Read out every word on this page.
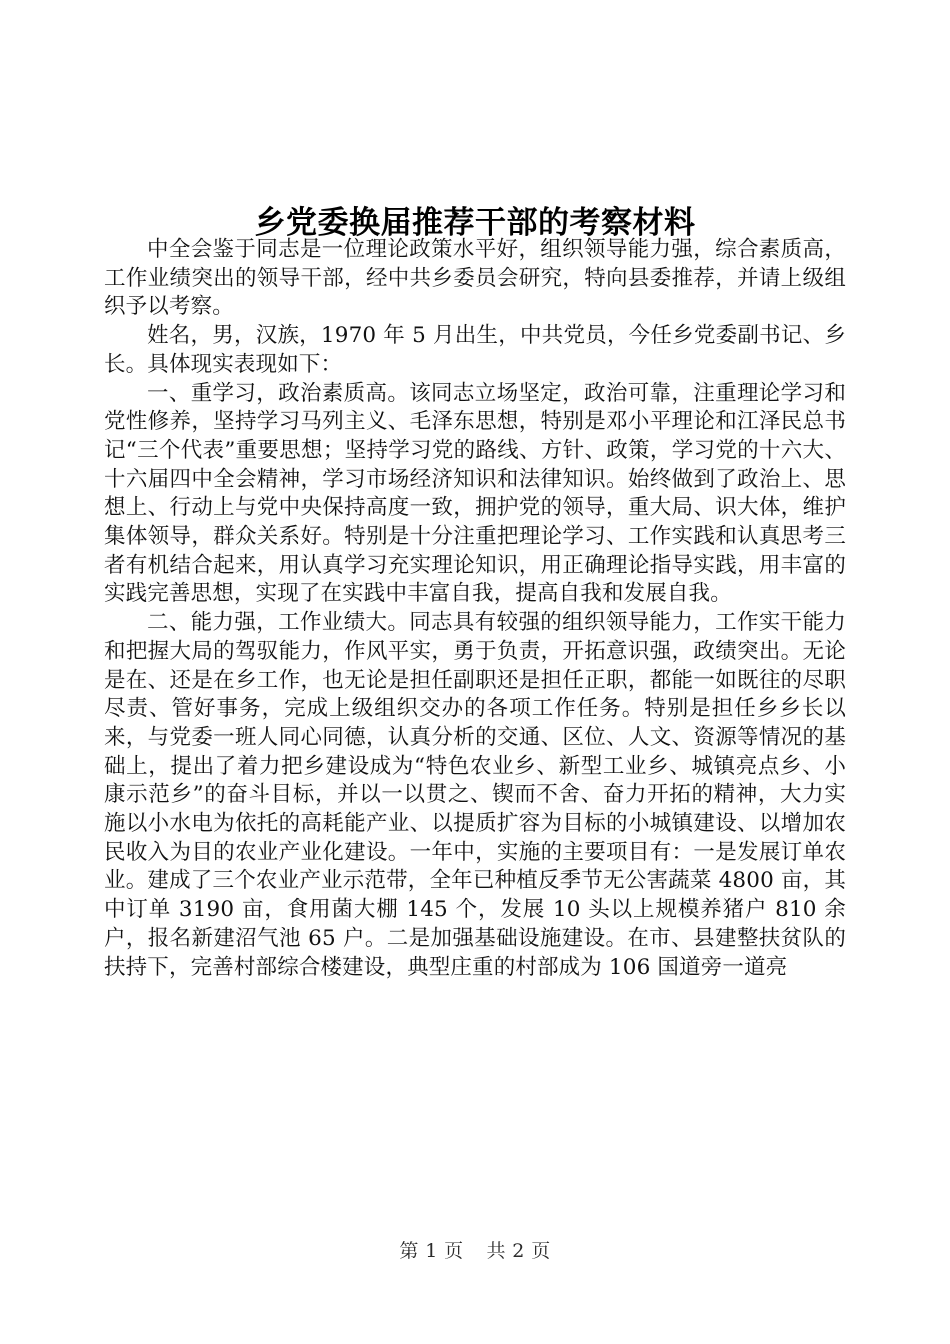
乡党委换届推荐干部的考察材料

中全会鉴于同志是一位理论政策水平好，组织领导能力强，综合素质高，工作业绩突出的领导干部，经中共乡委员会研究，特向县委推荐，并请上级组织予以考察。

姓名，男，汉族，1970 年 5 月出生，中共党员，今任乡党委副书记、乡长。具体现实表现如下：

一、重学习，政治素质高。该同志立场坚定，政治可靠，注重理论学习和党性修养，坚持学习马列主义、毛泽东思想，特别是邓小平理论和江泽民总书记“三个代表”重要思想；坚持学习党的路线、方针、政策，学习党的十六大、十六届四中全会精神，学习市场经济知识和法律知识。始终做到了政治上、思想上、行动上与党中央保持高度一致，拥护党的领导，重大局、识大体，维护集体领导，群众关系好。特别是十分注重把理论学习、工作实践和认真思考三者有机结合起来，用认真学习充实理论知识，用正确理论指导实践，用丰富的实践完善思想，实现了在实践中丰富自我，提高自我和发展自我。

二、能力强，工作业绩大。同志具有较强的组织领导能力，工作实干能力和把握大局的驾驭能力，作风平实，勇于负责，开拓意识强，政绩突出。无论是在、还是在乡工作，也无论是担任副职还是担任正职，都能一如既往的尽职尽责、管好事务，完成上级组织交办的各项工作任务。特别是担任乡乡长以来，与党委一班人同心同德，认真分析的交通、区位、人文、资源等情况的基础上，提出了着力把乡建设成为“特色农业乡、新型工业乡、城镇亮点乡、小康示范乡”的奋斗目标，并以一以贯之、锲而不舍、奋力开拓的精神，大力实施以小水电为依托的高耗能产业、以提质扩容为目标的小城镇建设、以增加农民收入为目的农业产业化建设。一年中，实施的主要项目有：一是发展订单农业。建成了三个农业产业示范带，全年已种植反季节无公害蔬菜 4800 亩，其中订单 3190 亩，食用菌大棚 145 个，发展 10 头以上规模养猪户 810 余户，报名新建沼气池 65 户。二是加强基础设施建设。在市、县建整扶贫队的扶持下，完善村部综合楼建设，典型庄重的村部成为 106 国道旁一道亮

第 1 页 共 2 页
